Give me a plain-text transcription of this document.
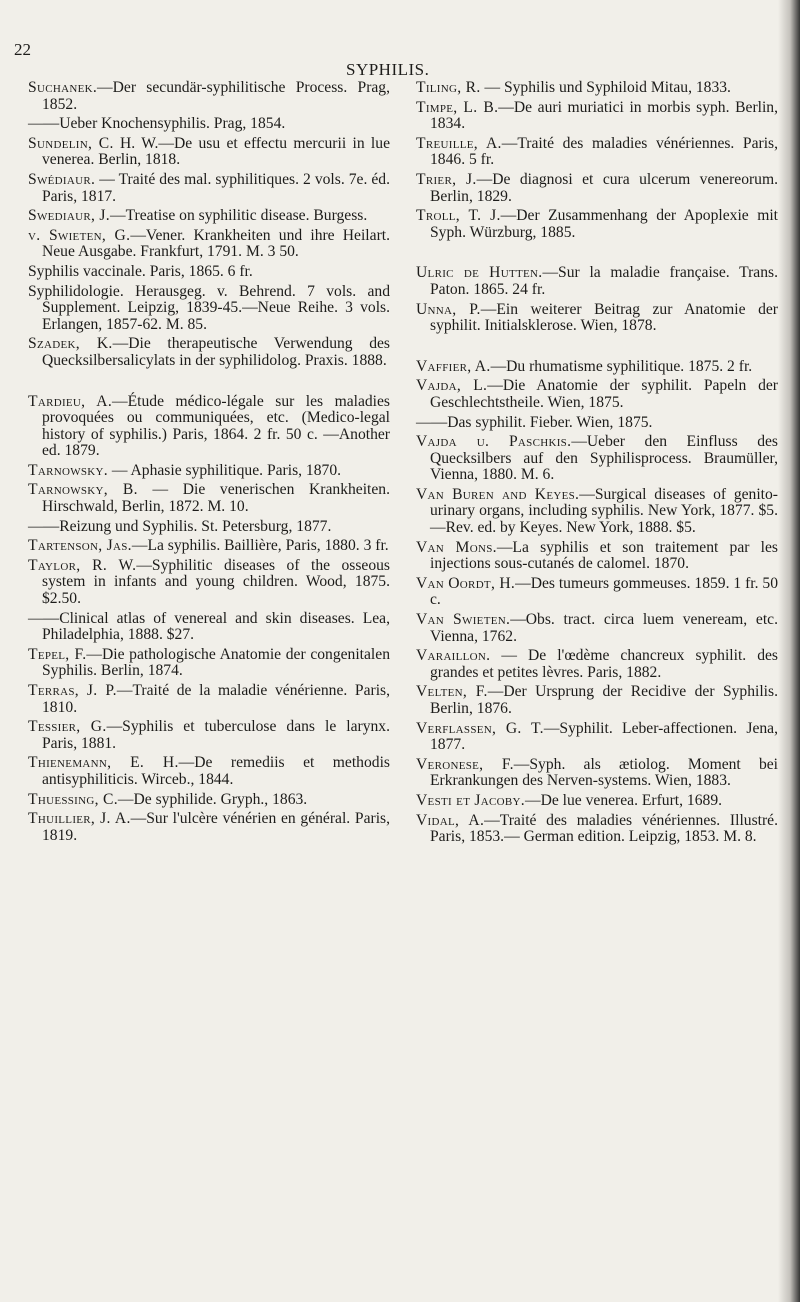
22
SYPHILIS.

Suchanek.—Der secundär-syphilitische Process. Prag, 1852.

——Ueber Knochensyphilis. Prag, 1854.

Sundelin, C. H. W.—De usu et effectu mercurii in lue venerea. Berlin, 1818.

Swédiaur. — Traité des mal. syphilitiques. 2 vols. 7e. éd. Paris, 1817.

Swediaur, J.—Treatise on syphilitic disease. Burgess.

v. Swieten, G.—Vener. Krankheiten und ihre Heilart. Neue Ausgabe. Frankfurt, 1791. M. 3 50.

Syphilis vaccinale. Paris, 1865. 6 fr.

Syphilidologie. Herausgeg. v. Behrend. 7 vols. and Supplement. Leipzig, 1839-45.—Neue Reihe. 3 vols. Erlangen, 1857-62. M. 85.

Szadek, K.—Die therapeutische Verwendung des Quecksilbersalicylats in der syphilidolog. Praxis. 1888.

Tardieu, A.—Étude médico-légale sur les maladies provoquées ou communiquées, etc. (Medico-legal history of syphilis.) Paris, 1864. 2 fr. 50 c. —Another ed. 1879.

Tarnowsky. — Aphasie syphilitique. Paris, 1870.

Tarnowsky, B. — Die venerischen Krankheiten. Hirschwald, Berlin, 1872. M. 10.

——Reizung und Syphilis. St. Petersburg, 1877.

Tartenson, Jas.—La syphilis. Baillière, Paris, 1880. 3 fr.

Taylor, R. W.—Syphilitic diseases of the osseous system in infants and young children. Wood, 1875. $2.50.

——Clinical atlas of venereal and skin diseases. Lea, Philadelphia, 1888. $27.

Tepel, F.—Die pathologische Anatomie der congenitalen Syphilis. Berlin, 1874.

Terras, J. P.—Traité de la maladie vénérienne. Paris, 1810.

Tessier, G.—Syphilis et tuberculose dans le larynx. Paris, 1881.

Thienemann, E. H.—De remediis et methodis antisyphiliticis. Wirceb., 1844.

Thuessing, C.—De syphilide. Gryph., 1863.

Thuillier, J. A.—Sur l'ulcère vénérien en général. Paris, 1819.

Tiling, R. — Syphilis und Syphiloid Mitau, 1833.

Timpe, L. B.—De auri muriatici in morbis syph. Berlin, 1834.

Treuille, A.—Traité des maladies vénériennes. Paris, 1846. 5 fr.

Trier, J.—De diagnosi et cura ulcerum venereorum. Berlin, 1829.

Troll, T. J.—Der Zusammenhang der Apoplexie mit Syph. Würzburg, 1885.

Ulric de Hutten.—Sur la maladie française. Trans. Paton. 1865. 24 fr.

Unna, P.—Ein weiterer Beitrag zur Anatomie der syphilit. Initialsklerose. Wien, 1878.

Vaffier, A.—Du rhumatisme syphilitique. 1875. 2 fr.

Vajda, L.—Die Anatomie der syphilit. Papeln der Geschlechtstheile. Wien, 1875.

——Das syphilit. Fieber. Wien, 1875.

Vajda u. Paschkis.—Ueber den Einfluss des Quecksilbers auf den Syphilisprocess. Braumüller, Vienna, 1880. M. 6.

Van Buren and Keyes.—Surgical diseases of genito-urinary organs, including syphilis. New York, 1877. $5.—Rev. ed. by Keyes. New York, 1888. $5.

Van Mons.—La syphilis et son traitement par les injections sous-cutanés de calomel. 1870.

Van Oordt, H.—Des tumeurs gommeuses. 1859. 1 fr. 50 c.

Van Swieten.—Obs. tract. circa luem veneream, etc. Vienna, 1762.

Varaillon. — De l'œdème chancreux syphilit. des grandes et petites lèvres. Paris, 1882.

Velten, F.—Der Ursprung der Recidive der Syphilis. Berlin, 1876.

Verflassen, G. T.—Syphilit. Leber-affectionen. Jena, 1877.

Veronese, F.—Syph. als ætiolog. Moment bei Erkrankungen des Nerven-systems. Wien, 1883.

Vesti et Jacoby.—De lue venerea. Erfurt, 1689.

Vidal, A.—Traité des maladies vénériennes. Illustré. Paris, 1853.— German edition. Leipzig, 1853. M. 8.
